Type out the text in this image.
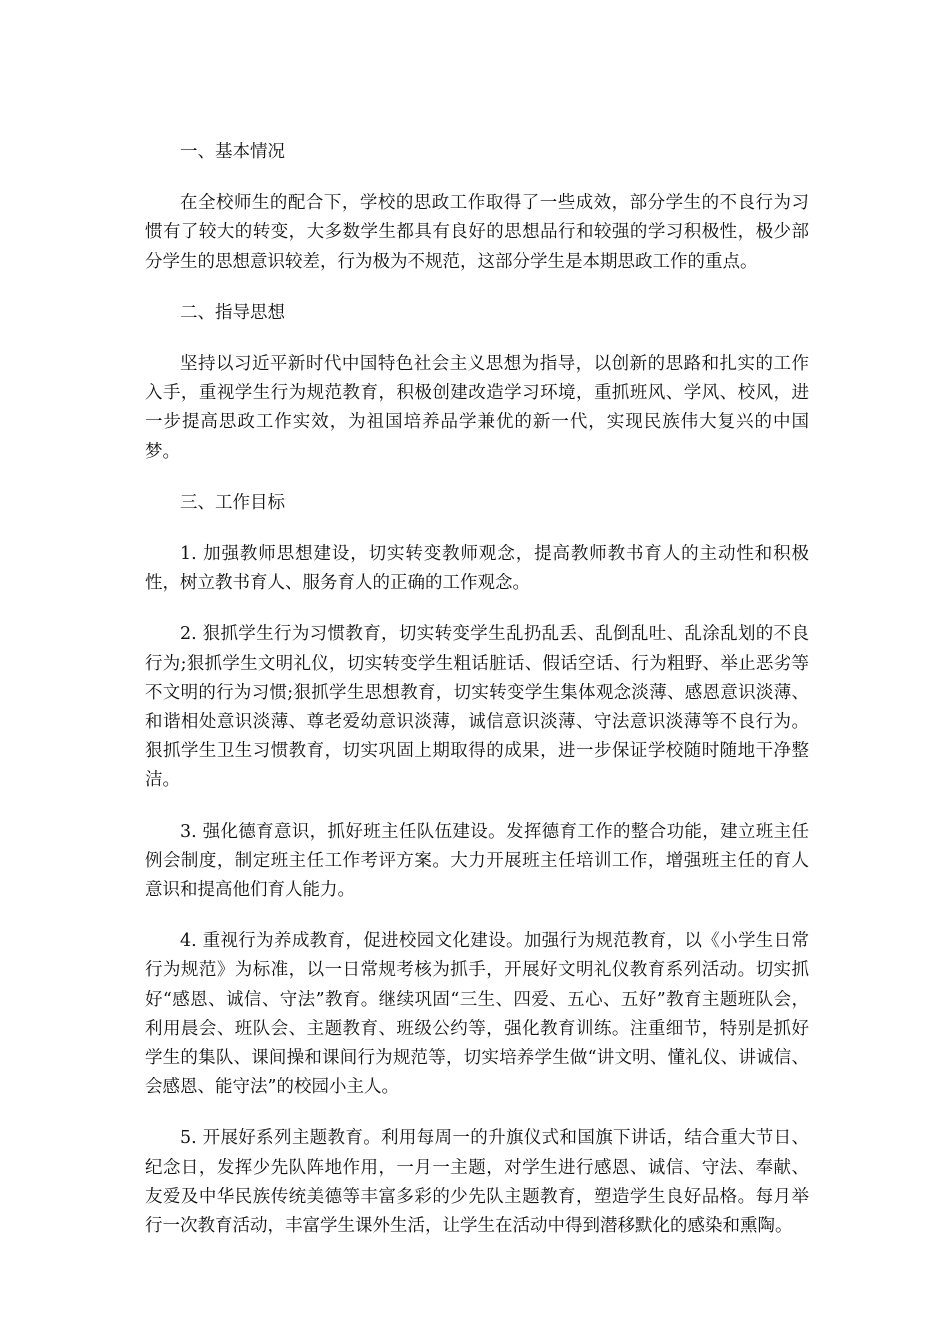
一、基本情况

在全校师生的配合下，学校的思政工作取得了一些成效，部分学生的不良行为习惯有了较大的转变，大多数学生都具有良好的思想品行和较强的学习积极性，极少部分学生的思想意识较差，行为极为不规范，这部分学生是本期思政工作的重点。

二、指导思想

坚持以习近平新时代中国特色社会主义思想为指导，以创新的思路和扎实的工作入手，重视学生行为规范教育，积极创建改造学习环境，重抓班风、学风、校风，进一步提高思政工作实效，为祖国培养品学兼优的新一代，实现民族伟大复兴的中国梦。

三、工作目标

1. 加强教师思想建设，切实转变教师观念，提高教师教书育人的主动性和积极性，树立教书育人、服务育人的正确的工作观念。

2. 狠抓学生行为习惯教育，切实转变学生乱扔乱丢、乱倒乱吐、乱涂乱划的不良行为;狠抓学生文明礼仪，切实转变学生粗话脏话、假话空话、行为粗野、举止恶劣等不文明的行为习惯;狠抓学生思想教育，切实转变学生集体观念淡薄、感恩意识淡薄、和谐相处意识淡薄、尊老爱幼意识淡薄，诚信意识淡薄、守法意识淡薄等不良行为。狠抓学生卫生习惯教育，切实巩固上期取得的成果，进一步保证学校随时随地干净整洁。

3. 强化德育意识，抓好班主任队伍建设。发挥德育工作的整合功能，建立班主任例会制度，制定班主任工作考评方案。大力开展班主任培训工作，增强班主任的育人意识和提高他们育人能力。

4. 重视行为养成教育，促进校园文化建设。加强行为规范教育，以《小学生日常行为规范》为标准，以一日常规考核为抓手，开展好文明礼仪教育系列活动。切实抓好“感恩、诚信、守法”教育。继续巩固“三生、四爱、五心、五好”教育主题班队会，利用晨会、班队会、主题教育、班级公约等，强化教育训练。注重细节，特别是抓好学生的集队、课间操和课间行为规范等，切实培养学生做“讲文明、懂礼仪、讲诚信、会感恩、能守法”的校园小主人。

5. 开展好系列主题教育。利用每周一的升旗仪式和国旗下讲话，结合重大节日、纪念日，发挥少先队阵地作用，一月一主题，对学生进行感恩、诚信、守法、奉献、友爱及中华民族传统美德等丰富多彩的少先队主题教育，塑造学生良好品格。每月举行一次教育活动，丰富学生课外生活，让学生在活动中得到潜移默化的感染和熏陶。
